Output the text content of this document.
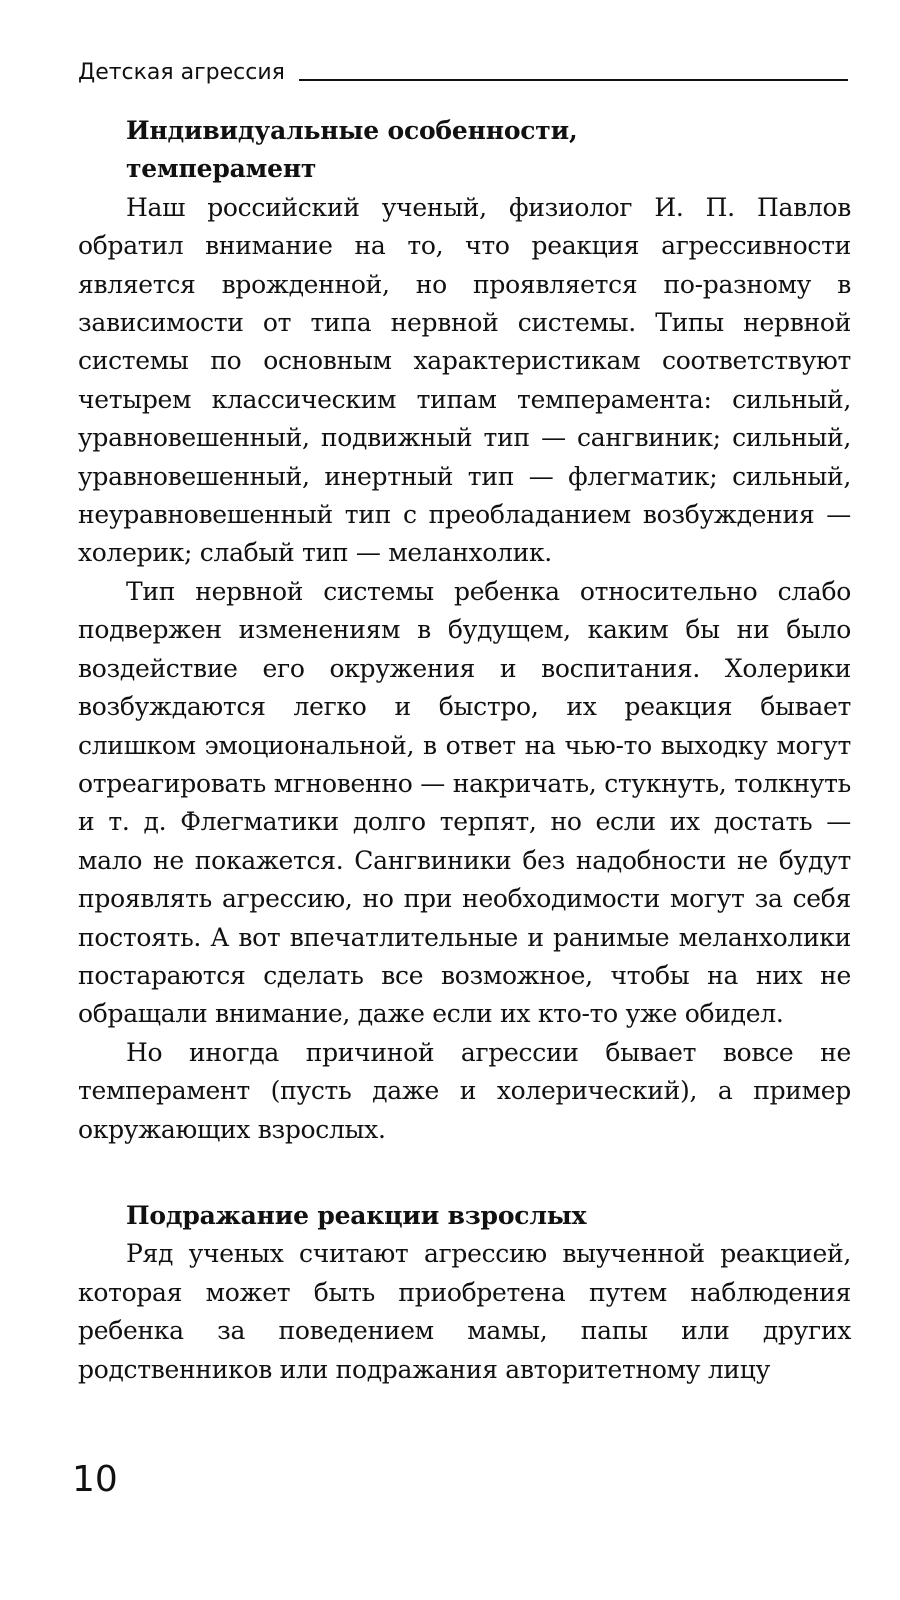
Детская агрессия
Индивидуальные особенности,
темперамент

Наш российский ученый, физиолог И. П. Павлов обратил внимание на то, что реакция агрессивности является врожденной, но проявляется по-разному в зависимости от типа нервной системы. Типы нервной системы по основным характеристикам соответствуют четырем классическим типам темперамента: сильный, уравновешенный, подвижный тип — сангвиник; сильный, уравновешенный, инертный тип — флегматик; сильный, неуравновешенный тип с преобладанием возбуждения — холерик; слабый тип — меланхолик.

Тип нервной системы ребенка относительно слабо подвержен изменениям в будущем, каким бы ни было воздействие его окружения и воспитания. Холерики возбуждаются легко и быстро, их реакция бывает слишком эмоциональной, в ответ на чью-то выходку могут отреагировать мгновенно — накричать, стукнуть, толкнуть и т. д. Флегматики долго терпят, но если их достать — мало не покажется. Сангвиники без надобности не будут проявлять агрессию, но при необходимости могут за себя постоять. А вот впечатлительные и ранимые меланхолики постараются сделать все возможное, чтобы на них не обращали внимание, даже если их кто-то уже обидел.

Но иногда причиной агрессии бывает вовсе не темперамент (пусть даже и холерический), а пример окружающих взрослых.

Подражание реакции взрослых

Ряд ученых считают агрессию выученной реакцией, которая может быть приобретена путем наблюдения ребенка за поведением мамы, папы или других родственников или подражания авторитетному лицу

10
